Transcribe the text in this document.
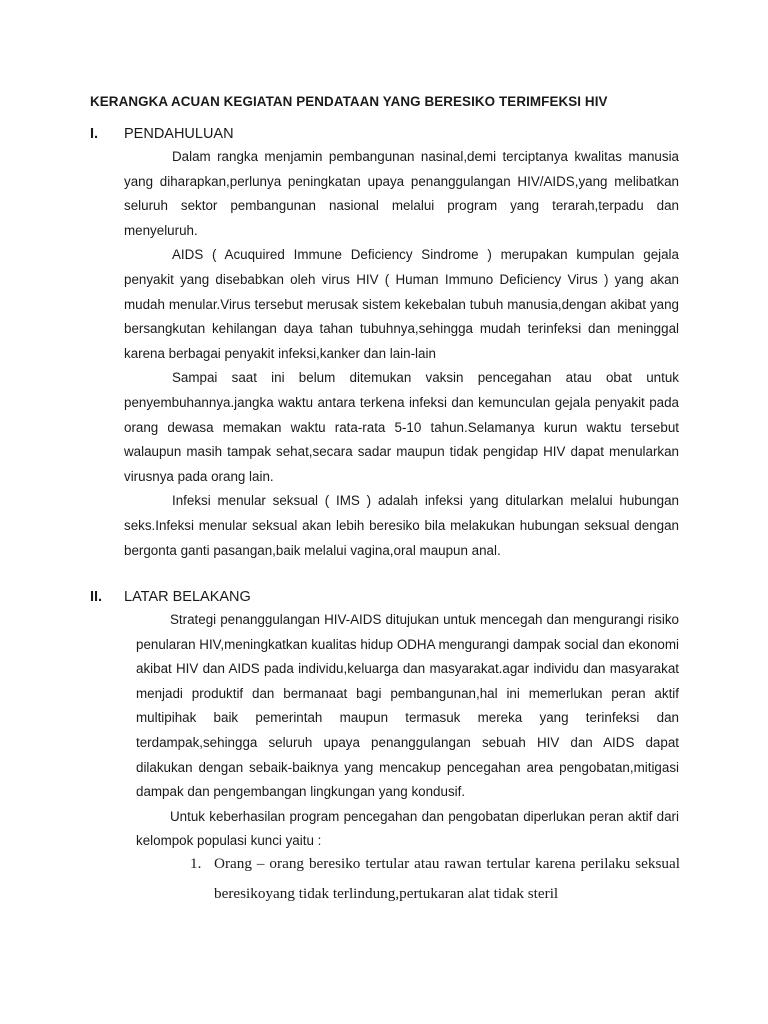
KERANGKA ACUAN KEGIATAN PENDATAAN YANG BERESIKO TERIMFEKSI HIV
I. PENDAHULUAN

Dalam rangka menjamin pembangunan nasinal,demi terciptanya kwalitas manusia yang diharapkan,perlunya peningkatan upaya penanggulangan HIV/AIDS,yang melibatkan seluruh sektor pembangunan nasional melalui program yang terarah,terpadu dan menyeluruh.

AIDS ( Acuquired Immune Deficiency Sindrome ) merupakan kumpulan gejala penyakit yang disebabkan oleh virus HIV ( Human Immuno Deficiency Virus ) yang akan mudah menular.Virus tersebut merusak sistem kekebalan tubuh manusia,dengan akibat yang bersangkutan kehilangan daya tahan tubuhnya,sehingga mudah terinfeksi dan meninggal karena berbagai penyakit infeksi,kanker dan lain-lain

Sampai saat ini belum ditemukan vaksin pencegahan atau obat untuk penyembuhannya.jangka waktu antara terkena infeksi dan kemunculan gejala penyakit pada orang dewasa memakan waktu rata-rata 5-10 tahun.Selamanya kurun waktu tersebut walaupun masih tampak sehat,secara sadar maupun tidak pengidap HIV dapat menularkan virusnya pada orang lain.

Infeksi menular seksual ( IMS ) adalah infeksi yang ditularkan melalui hubungan seks.Infeksi menular seksual akan lebih beresiko bila melakukan hubungan seksual dengan bergonta ganti pasangan,baik melalui vagina,oral maupun anal.

II. LATAR BELAKANG

Strategi penanggulangan HIV-AIDS ditujukan untuk mencegah dan mengurangi risiko penularan HIV,meningkatkan kualitas hidup ODHA mengurangi dampak social dan ekonomi akibat HIV dan AIDS pada individu,keluarga dan masyarakat.agar individu dan masyarakat menjadi produktif dan bermanaat bagi pembangunan,hal ini memerlukan peran aktif multipihak baik pemerintah maupun termasuk mereka yang terinfeksi dan terdampak,sehingga seluruh upaya penanggulangan sebuah HIV dan AIDS dapat dilakukan dengan sebaik-baiknya yang mencakup pencegahan area pengobatan,mitigasi dampak dan pengembangan lingkungan yang kondusif.

Untuk keberhasilan program pencegahan dan pengobatan diperlukan peran aktif dari kelompok populasi kunci yaitu :

1. Orang – orang beresiko tertular atau rawan tertular karena perilaku seksual beresikoyang tidak terlindung,pertukaran alat tidak steril
